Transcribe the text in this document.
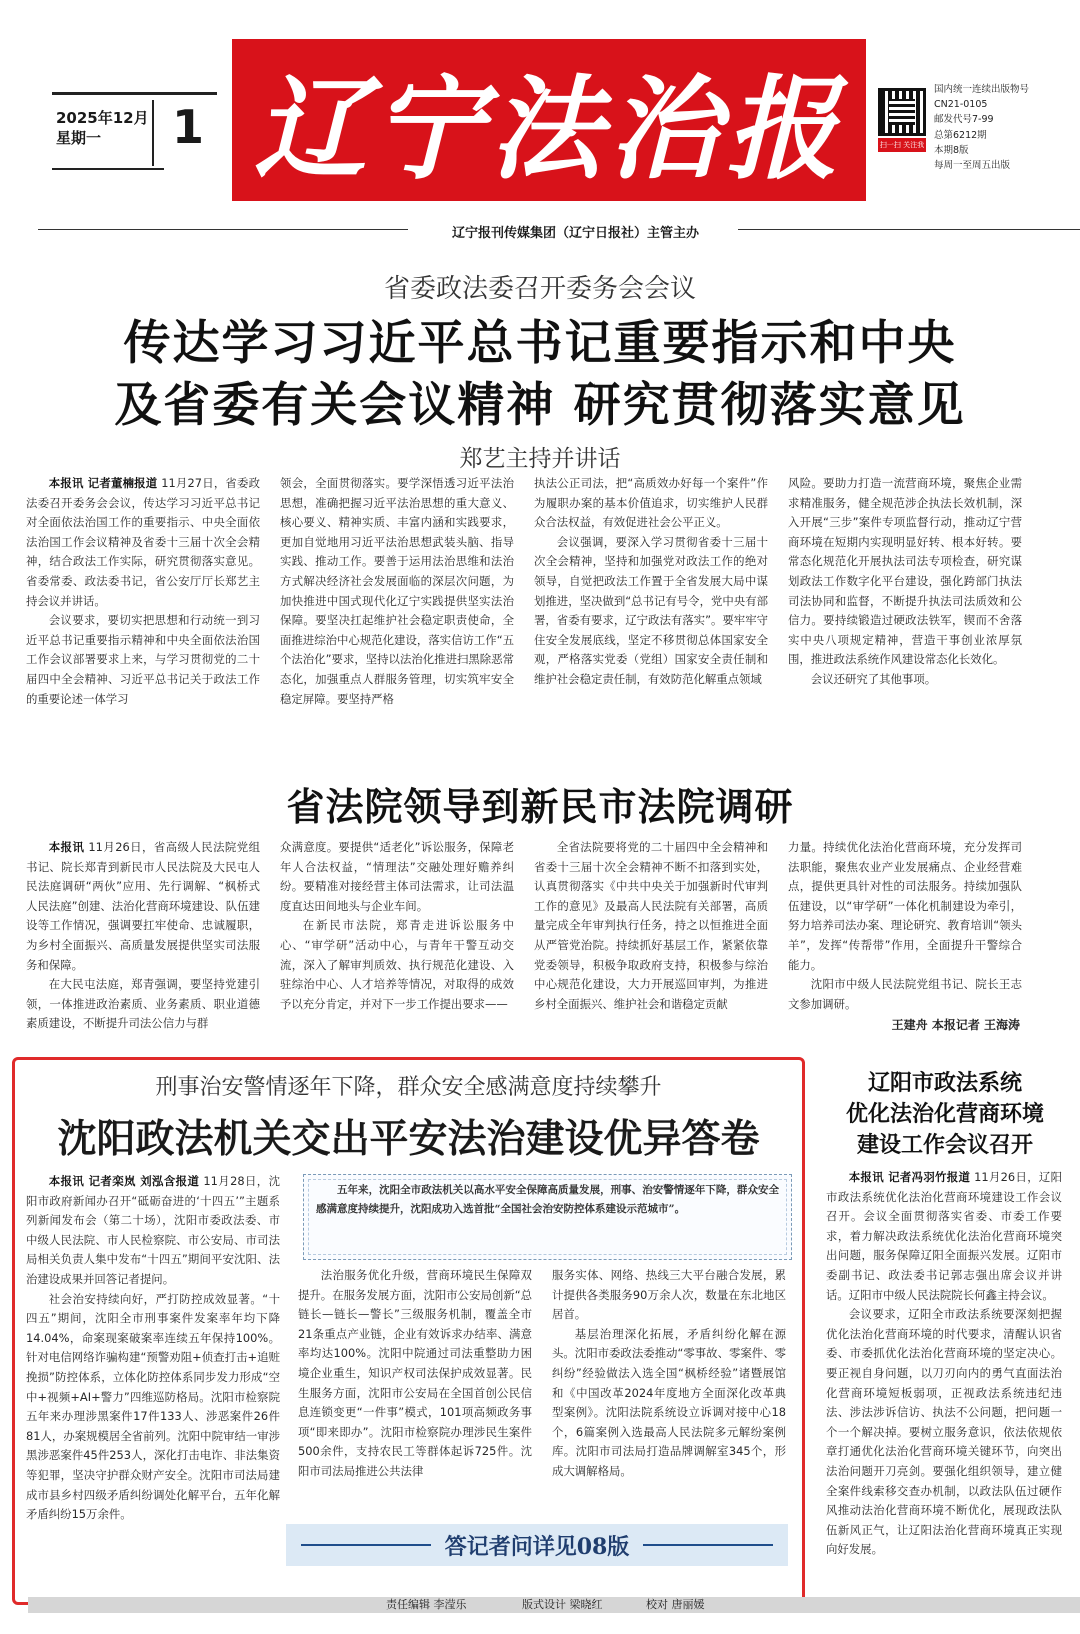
2025年12月
星期一	1 辽宁法治报	扫一扫 关注我们
国内统一连续出版物号
CN21-0105
邮发代号7-99
总第6212期
本期8版
每周一至周五出版
辽宁报刊传媒集团（辽宁日报社）主管主办
省委政法委召开委务会会议
传达学习习近平总书记重要指示和中央
及省委有关会议精神 研究贯彻落实意见
郑艺主持并讲话

本报讯 记者董楠报道 11月27日，省委政法委召开委务会会议，传达学习习近平总书记对全面依法治国工作的重要指示、中央全面依法治国工作会议精神及省委十三届十次全会精神，结合政法工作实际，研究贯彻落实意见。省委常委、政法委书记，省公安厅厅长郑艺主持会议并讲话。

会议要求，要切实把思想和行动统一到习近平总书记重要指示精神和中央全面依法治国工作会议部署要求上来，与学习贯彻党的二十届四中全会精神、习近平总书记关于政法工作的重要论述一体学习

领会，全面贯彻落实。要学深悟透习近平法治思想，准确把握习近平法治思想的重大意义、核心要义、精神实质、丰富内涵和实践要求，更加自觉地用习近平法治思想武装头脑、指导实践、推动工作。要善于运用法治思维和法治方式解决经济社会发展面临的深层次问题，为加快推进中国式现代化辽宁实践提供坚实法治保障。要坚决扛起维护社会稳定职责使命，全面推进综治中心规范化建设，落实信访工作“五个法治化”要求，坚持以法治化推进扫黑除恶常态化，加强重点人群服务管理，切实筑牢安全稳定屏障。要坚持严格

执法公正司法，把“高质效办好每一个案件”作为履职办案的基本价值追求，切实维护人民群众合法权益，有效促进社会公平正义。

会议强调，要深入学习贯彻省委十三届十次全会精神，坚持和加强党对政法工作的绝对领导，自觉把政法工作置于全省发展大局中谋划推进，坚决做到“总书记有号令，党中央有部署，省委有要求，辽宁政法有落实”。要牢牢守住安全发展底线，坚定不移贯彻总体国家安全观，严格落实党委（党组）国家安全责任制和维护社会稳定责任制，有效防范化解重点领域

风险。要助力打造一流营商环境，聚焦企业需求精准服务，健全规范涉企执法长效机制，深入开展“三步”案件专项监督行动，推动辽宁营商环境在短期内实现明显好转、根本好转。要常态化规范化开展执法司法专项检查，研究谋划政法工作数字化平台建设，强化跨部门执法司法协同和监督，不断提升执法司法质效和公信力。要持续锻造过硬政法铁军，锲而不舍落实中央八项规定精神，营造干事创业浓厚氛围，推进政法系统作风建设常态化长效化。

会议还研究了其他事项。

省法院领导到新民市法院调研

本报讯 11月26日，省高级人民法院党组书记、院长郑青到新民市人民法院及大民屯人民法庭调研“两伙”应用、先行调解、“枫桥式人民法庭”创建、法治化营商环境建设、队伍建设等工作情况，强调要扛牢使命、忠诚履职，为乡村全面振兴、高质量发展提供坚实司法服务和保障。

在大民屯法庭，郑青强调，要坚持党建引领，一体推进政治素质、业务素质、职业道德素质建设，不断提升司法公信力与群

众满意度。要提供“适老化”诉讼服务，保障老年人合法权益，“情理法”交融处理好赡养纠纷。要精准对接经营主体司法需求，让司法温度直达田间地头与企业车间。

在新民市法院，郑青走进诉讼服务中心、“审学研”活动中心，与青年干警互动交流，深入了解审判质效、执行规范化建设、入驻综治中心、人才培养等情况，对取得的成效予以充分肯定，并对下一步工作提出要求——

全省法院要将党的二十届四中全会精神和省委十三届十次全会精神不断不扣落到实处，认真贯彻落实《中共中央关于加强新时代审判工作的意见》及最高人民法院有关部署，高质量完成全年审判执行任务，持之以恒推进全面从严管党治院。持续抓好基层工作，紧紧依靠党委领导，积极争取政府支持，积极参与综治中心规范化建设，大力开展巡回审判，为推进乡村全面振兴、维护社会和谐稳定贡献

力量。持续优化法治化营商环境，充分发挥司法职能，聚焦农业产业发展痛点、企业经营难点，提供更具针对性的司法服务。持续加强队伍建设，以“审学研”一体化机制建设为牵引，努力培养司法办案、理论研究、教育培训“领头羊”，发挥“传帮带”作用，全面提升干警综合能力。

沈阳市中级人民法院党组书记、院长王志文参加调研。

王建舟 本报记者 王海涛
刑事治安警情逐年下降，群众安全感满意度持续攀升
沈阳政法机关交出平安法治建设优异答卷

本报讯 记者栾岚 刘泓含报道 11月28日，沈阳市政府新闻办召开“砥砺奋进的‘十四五’”主题系列新闻发布会（第二十场），沈阳市委政法委、市中级人民法院、市人民检察院、市公安局、市司法局相关负责人集中发布“十四五”期间平安沈阳、法治建设成果并回答记者提问。

社会治安持续向好，严打防控成效显著。“十四五”期间，沈阳全市刑事案件发案率年均下降14.04%，命案现案破案率连续五年保持100%。针对电信网络诈骗构建“预警劝阻+侦查打击+追赃挽损”防控体系，立体化防控体系同步发力形成“空中+视频+AI+警力”四维巡防格局。沈阳市检察院五年来办理涉黑案件17件133人、涉恶案件26件81人，办案规模居全省前列。沈阳中院审结一审涉黑涉恶案件45件253人，深化打击电诈、非法集资等犯罪，坚决守护群众财产安全。沈阳市司法局建成市县乡村四级矛盾纠纷调处化解平台，五年化解矛盾纠纷15万余件。

五年来，沈阳全市政法机关以高水平安全保障高质量发展，刑事、治安警情逐年下降，群众安全感满意度持续提升，沈阳成功入选首批“全国社会治安防控体系建设示范城市”。

法治服务优化升级，营商环境民生保障双提升。在服务发展方面，沈阳市公安局创新“总链长—链长—警长”三级服务机制，覆盖全市21条重点产业链，企业有效诉求办结率、满意率均达100%。沈阳中院通过司法重整助力困境企业重生，知识产权司法保护成效显著。民生服务方面，沈阳市公安局在全国首创公民信息连锁变更“一件事”模式，101项高频政务事项“即来即办”。沈阳市检察院办理涉民生案件500余件，支持农民工等群体起诉725件。沈阳市司法局推进公共法律

服务实体、网络、热线三大平台融合发展，累计提供各类服务90万余人次，数量在东北地区居首。

基层治理深化拓展，矛盾纠纷化解在源头。沈阳市委政法委推动“零事故、零案件、零纠纷”经验做法入选全国“枫桥经验”诸暨展馆和《中国改革2024年度地方全面深化改革典型案例》。沈阳法院系统设立诉调对接中心18个，6篇案例入选最高人民法院多元解纷案例库。沈阳市司法局打造品牌调解室345个，形成大调解格局。

答记者问详见08版
辽阳市政法系统
优化法治化营商环境
建设工作会议召开

本报讯 记者冯羽竹报道 11月26日，辽阳市政法系统优化法治化营商环境建设工作会议召开。会议全面贯彻落实省委、市委工作要求，着力解决政法系统优化法治化营商环境突出问题，服务保障辽阳全面振兴发展。辽阳市委副书记、政法委书记郭志强出席会议并讲话。辽阳市中级人民法院院长何鑫主持会议。

会议要求，辽阳全市政法系统要深刻把握优化法治化营商环境的时代要求，清醒认识省委、市委抓优化法治化营商环境的坚定决心。要正视自身问题，以刀刃向内的勇气直面法治化营商环境短板弱项，正视政法系统违纪违法、涉法涉诉信访、执法不公问题，把问题一个一个解决掉。要树立服务意识，依法依规依章打通优化法治化营商环境关键环节，向突出法治问题开刀亮剑。要强化组织领导，建立健全案件线索移交查办机制，以政法队伍过硬作风推动法治化营商环境不断优化，展现政法队伍新风正气，让辽阳法治化营商环境真正实现向好发展。

责任编辑 李滢乐	版式设计 梁晓红	校对 唐丽媛
